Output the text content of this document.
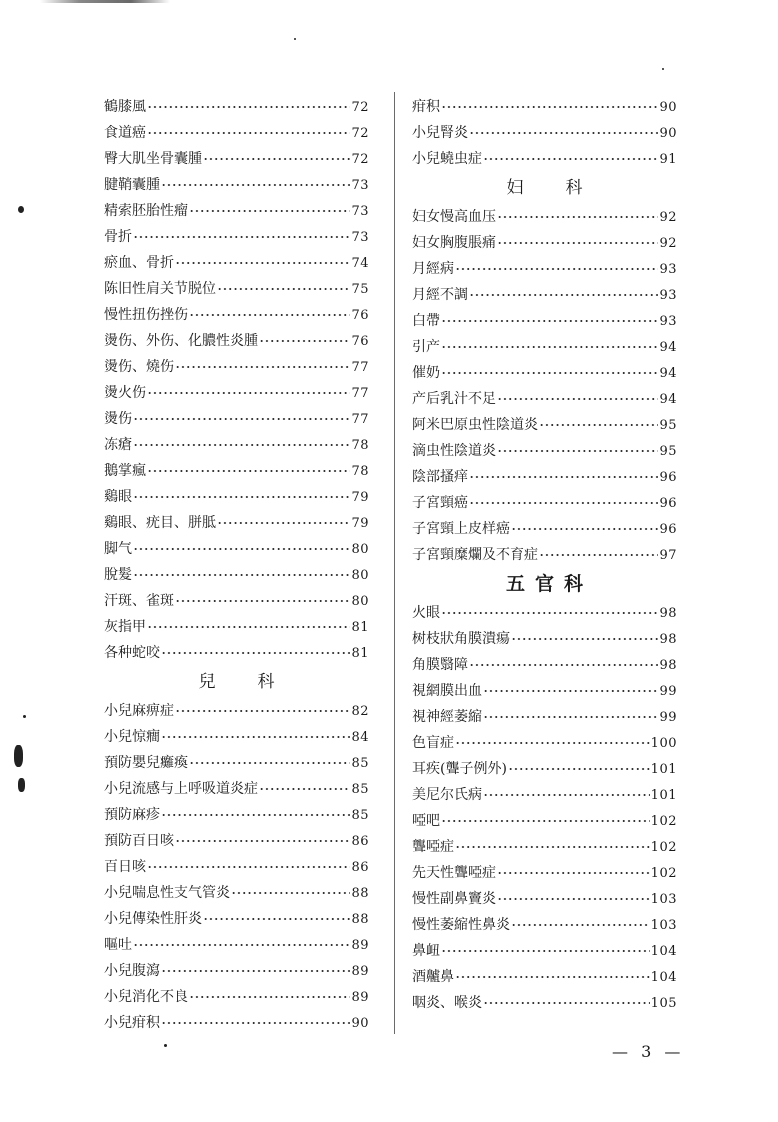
鶴膝風	72
食道癌	72
臀大肌坐骨囊腫	72
腱鞘囊腫	73
精索胚胎性瘤	73
骨折	73
瘀血、骨折	74
陈旧性肩关节脱位	75
慢性扭伤挫伤	76
燙伤、外伤、化膿性炎腫	76
燙伤、燒伤	77
燙火伤	77
燙伤	77
冻瘡	78
鵝掌瘋	78
鷄眼	79
鷄眼、疣目、胼胝	79
脚气	80
脫髮	80
汗斑、雀斑	80
灰指甲	81
各种蛇咬	81
兒科
小兒麻痹症	82
小兒惊癎	84
預防嬰兒癱瘓	85
小兒流感与上呼吸道炎症	85
預防麻疹	85
預防百日咳	86
百日咳	86
小兒喘息性支气管炎	88
小兒傳染性肝炎	88
嘔吐	89
小兒腹瀉	89
小兒消化不良	89
小兒疳积	90
疳积	90
小兒腎炎	90
小兒蟯虫症	91
妇科
妇女慢高血压	92
妇女胸腹脹痛	92
月經病	93
月經不調	93
白帶	93
引产	94
催奶	94
产后乳汁不足	94
阿米巴原虫性陰道炎	95
滴虫性陰道炎	95
陰部搔痒	96
子宮頸癌	96
子宮頸上皮样癌	96
子宮頸糜爛及不育症	97
五官科
火眼	98
树枝狀角膜潰瘍	98
角膜翳障	98
視網膜出血	99
視神經萎縮	99
色盲症	100
耳疾(聾子例外)	101
美尼尔氏病	101
啞吧	102
聾啞症	102
先天性聾啞症	102
慢性副鼻竇炎	103
慢性萎縮性鼻炎	103
鼻衄	104
酒齇鼻	104
咽炎、喉炎	105
— 3 —
